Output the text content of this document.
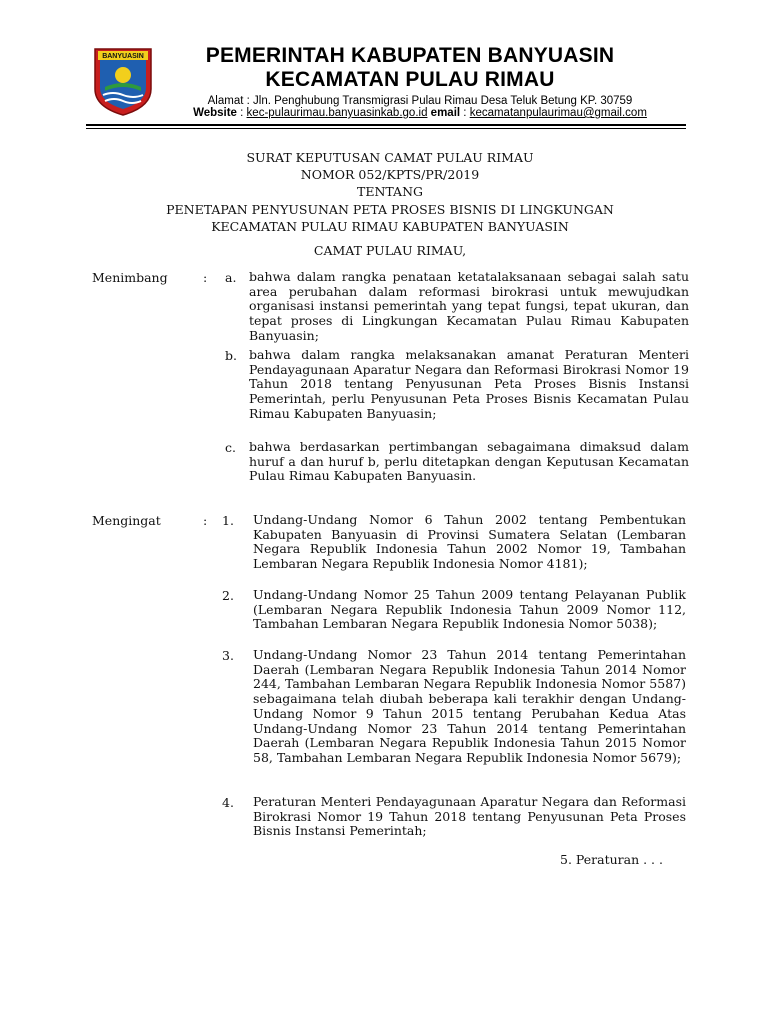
BANYUASIN	PEMERINTAH KABUPATEN BANYUASIN
KECAMATAN PULAU RIMAU
Alamat : Jln. Penghubung Transmigrasi Pulau Rimau Desa Teluk Betung KP. 30759
Website : kec-pulaurimau.banyuasinkab.go.id email : kecamatanpulaurimau@gmail.com
SURAT KEPUTUSAN CAMAT PULAU RIMAU
NOMOR 052/KPTS/PR/2019
TENTANG
PENETAPAN PENYUSUNAN PETA PROSES BISNIS DI LINGKUNGAN
KECAMATAN PULAU RIMAU KABUPATEN BANYUASIN
CAMAT PULAU RIMAU,
Menimbang	: a. bahwa dalam rangka penataan ketatalaksanaan sebagai salah satu area perubahan dalam reformasi birokrasi untuk mewujudkan organisasi instansi pemerintah yang tepat fungsi, tepat ukuran, dan tepat proses di Lingkungan Kecamatan Pulau Rimau Kabupaten Banyuasin;
b. bahwa dalam rangka melaksanakan amanat Peraturan Menteri Pendayagunaan Aparatur Negara dan Reformasi Birokrasi Nomor 19 Tahun 2018 tentang Penyusunan Peta Proses Bisnis Instansi Pemerintah, perlu Penyusunan Peta Proses Bisnis Kecamatan Pulau Rimau Kabupaten Banyuasin;
c. bahwa berdasarkan pertimbangan sebagaimana dimaksud dalam huruf a dan huruf b, perlu ditetapkan dengan Keputusan Kecamatan Pulau Rimau Kabupaten Banyuasin.
Mengingat	: 1. Undang-Undang Nomor 6 Tahun 2002 tentang Pembentukan Kabupaten Banyuasin di Provinsi Sumatera Selatan (Lembaran Negara Republik Indonesia Tahun 2002 Nomor 19, Tambahan Lembaran Negara Republik Indonesia Nomor 4181);
2. Undang-Undang Nomor 25 Tahun 2009 tentang Pelayanan Publik (Lembaran Negara Republik Indonesia Tahun 2009 Nomor 112, Tambahan Lembaran Negara Republik Indonesia Nomor 5038);
3. Undang-Undang Nomor 23 Tahun 2014 tentang Pemerintahan Daerah (Lembaran Negara Republik Indonesia Tahun 2014 Nomor 244, Tambahan Lembaran Negara Republik Indonesia Nomor 5587) sebagaimana telah diubah beberapa kali terakhir dengan Undang-Undang Nomor 9 Tahun 2015 tentang Perubahan Kedua Atas Undang-Undang Nomor 23 Tahun 2014 tentang Pemerintahan Daerah (Lembaran Negara Republik Indonesia Tahun 2015 Nomor 58, Tambahan Lembaran Negara Republik Indonesia Nomor 5679);
4. Peraturan Menteri Pendayagunaan Aparatur Negara dan Reformasi Birokrasi Nomor 19 Tahun 2018 tentang Penyusunan Peta Proses Bisnis Instansi Pemerintah;
5. Peraturan . . .
